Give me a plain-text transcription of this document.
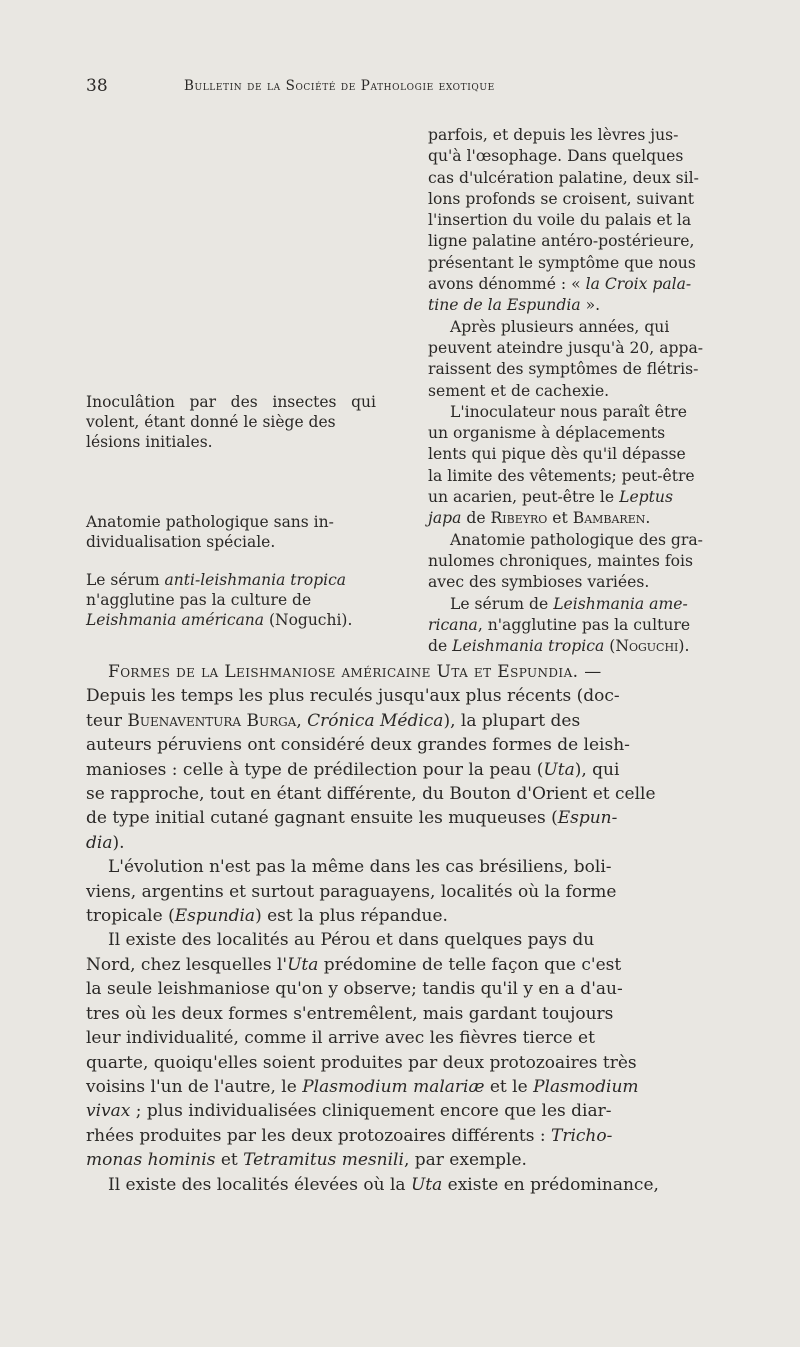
38	Bulletin de la Société de Pathologie exotique
Inoculâtion par des insectes qui
volent, étant donné le siège des
lésions initiales.
Anatomie pathologique sans in-
dividualisation spéciale.
Le sérum anti-leishmania tropica
n'agglutine pas la culture de
Leishmania américana (Noguchi).
parfois, et depuis les lèvres jus-
qu'à l'œsophage. Dans quelques
cas d'ulcération palatine, deux sil-
lons profonds se croisent, suivant
l'insertion du voile du palais et la
ligne palatine antéro-postérieure,
présentant le symptôme que nous
avons dénommé : « la Croix pala-
tine de la Espundia ».
Après plusieurs années, qui
peuvent ateindre jusqu'à 20, appa-
raissent des symptômes de flétris-
sement et de cachexie.
L'inoculateur nous paraît être
un organisme à déplacements
lents qui pique dès qu'il dépasse
la limite des vêtements; peut-être
un acarien, peut-être le Leptus
japa de Ribeyro et Bambaren.
Anatomie pathologique des gra-
nulomes chroniques, maintes fois
avec des symbioses variées.
Le sérum de Leishmania ame-
ricana, n'agglutine pas la culture
de Leishmania tropica (Noguchi).
Formes de la Leishmaniose américaine Uta et Espundia. —
Depuis les temps les plus reculés jusqu'aux plus récents (doc-
teur Buenaventura Burga, Crónica Médica), la plupart des
auteurs péruviens ont considéré deux grandes formes de leish-
manioses : celle à type de prédilection pour la peau (Uta), qui
se rapproche, tout en étant différente, du Bouton d'Orient et celle
de type initial cutané gagnant ensuite les muqueuses (Espun-
dia).
L'évolution n'est pas la même dans les cas brésiliens, boli-
viens, argentins et surtout paraguayens, localités où la forme
tropicale (Espundia) est la plus répandue.
Il existe des localités au Pérou et dans quelques pays du
Nord, chez lesquelles l'Uta prédomine de telle façon que c'est
la seule leishmaniose qu'on y observe; tandis qu'il y en a d'au-
tres où les deux formes s'entremêlent, mais gardant toujours
leur individualité, comme il arrive avec les fièvres tierce et
quarte, quoiqu'elles soient produites par deux protozoaires très
voisins l'un de l'autre, le Plasmodium malariæ et le Plasmodium
vivax ; plus individualisées cliniquement encore que les diar-
rhées produites par les deux protozoaires différents : Tricho-
monas hominis et Tetramitus mesnili, par exemple.
Il existe des localités élevées où la Uta existe en prédominance,
